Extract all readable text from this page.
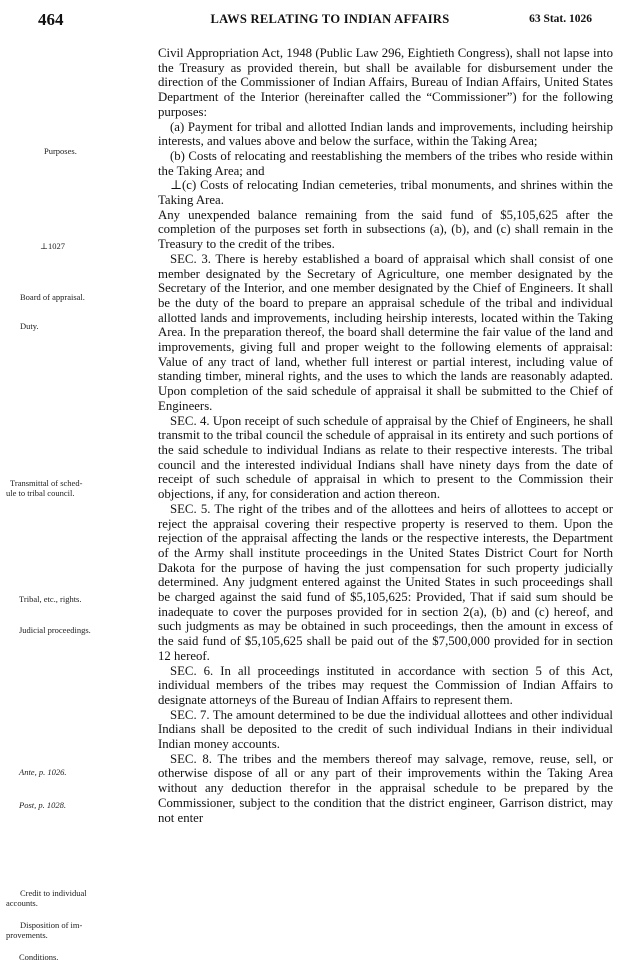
464	LAWS RELATING TO INDIAN AFFAIRS	63 Stat. 1026
Purposes.
⊥1027
Board of appraisal.
Duty.
Transmittal of sched-
ule to tribal council.
Tribal, etc., rights.
Judicial proceedings.
Ante, p. 1026.
Post, p. 1028.
Credit to individual
accounts.
Disposition of im-
provements.
Conditions.

Civil Appropriation Act, 1948 (Public Law 296, Eightieth Congress), shall not lapse into the Treasury as provided therein, but shall be available for disbursement under the direction of the Commissioner of Indian Affairs, Bureau of Indian Affairs, United States Department of the Interior (hereinafter called the “Commissioner”) for the following purposes:

(a) Payment for tribal and allotted Indian lands and improvements, including heirship interests, and values above and below the surface, within the Taking Area;

(b) Costs of relocating and reestablishing the members of the tribes who reside within the Taking Area; and

⊥(c) Costs of relocating Indian cemeteries, tribal monuments, and shrines within the Taking Area.

Any unexpended balance remaining from the said fund of $5,105,625 after the completion of the purposes set forth in subsections (a), (b), and (c) shall remain in the Treasury to the credit of the tribes.

SEC. 3. There is hereby established a board of appraisal which shall consist of one member designated by the Secretary of Agriculture, one member designated by the Secretary of the Interior, and one member designated by the Chief of Engineers. It shall be the duty of the board to prepare an appraisal schedule of the tribal and individual allotted lands and improvements, including heirship interests, located within the Taking Area. In the preparation thereof, the board shall determine the fair value of the land and improvements, giving full and proper weight to the following elements of appraisal: Value of any tract of land, whether full interest or partial interest, including value of standing timber, mineral rights, and the uses to which the lands are reasonably adapted. Upon completion of the said schedule of appraisal it shall be submitted to the Chief of Engineers.

SEC. 4. Upon receipt of such schedule of appraisal by the Chief of Engineers, he shall transmit to the tribal council the schedule of appraisal in its entirety and such portions of the said schedule to individual Indians as relate to their respective interests. The tribal council and the interested individual Indians shall have ninety days from the date of receipt of such schedule of appraisal in which to present to the Commission their objections, if any, for consideration and action thereon.

SEC. 5. The right of the tribes and of the allottees and heirs of allottees to accept or reject the appraisal covering their respective property is reserved to them. Upon the rejection of the appraisal affecting the lands or the respective interests, the Department of the Army shall institute proceedings in the United States District Court for North Dakota for the purpose of having the just compensation for such property judicially determined. Any judgment entered against the United States in such proceedings shall be charged against the said fund of $5,105,625: Provided, That if said sum should be inadequate to cover the purposes provided for in section 2(a), (b) and (c) hereof, and such judgments as may be obtained in such proceedings, then the amount in excess of the said fund of $5,105,625 shall be paid out of the $7,500,000 provided for in section 12 hereof.

SEC. 6. In all proceedings instituted in accordance with section 5 of this Act, individual members of the tribes may request the Commission of Indian Affairs to designate attorneys of the Bureau of Indian Affairs to represent them.

SEC. 7. The amount determined to be due the individual allottees and other individual Indians shall be deposited to the credit of such individual Indians in their individual Indian money accounts.

SEC. 8. The tribes and the members thereof may salvage, remove, reuse, sell, or otherwise dispose of all or any part of their improvements within the Taking Area without any deduction therefor in the appraisal schedule to be prepared by the Commissioner, subject to the condition that the district engineer, Garrison district, may not enter
